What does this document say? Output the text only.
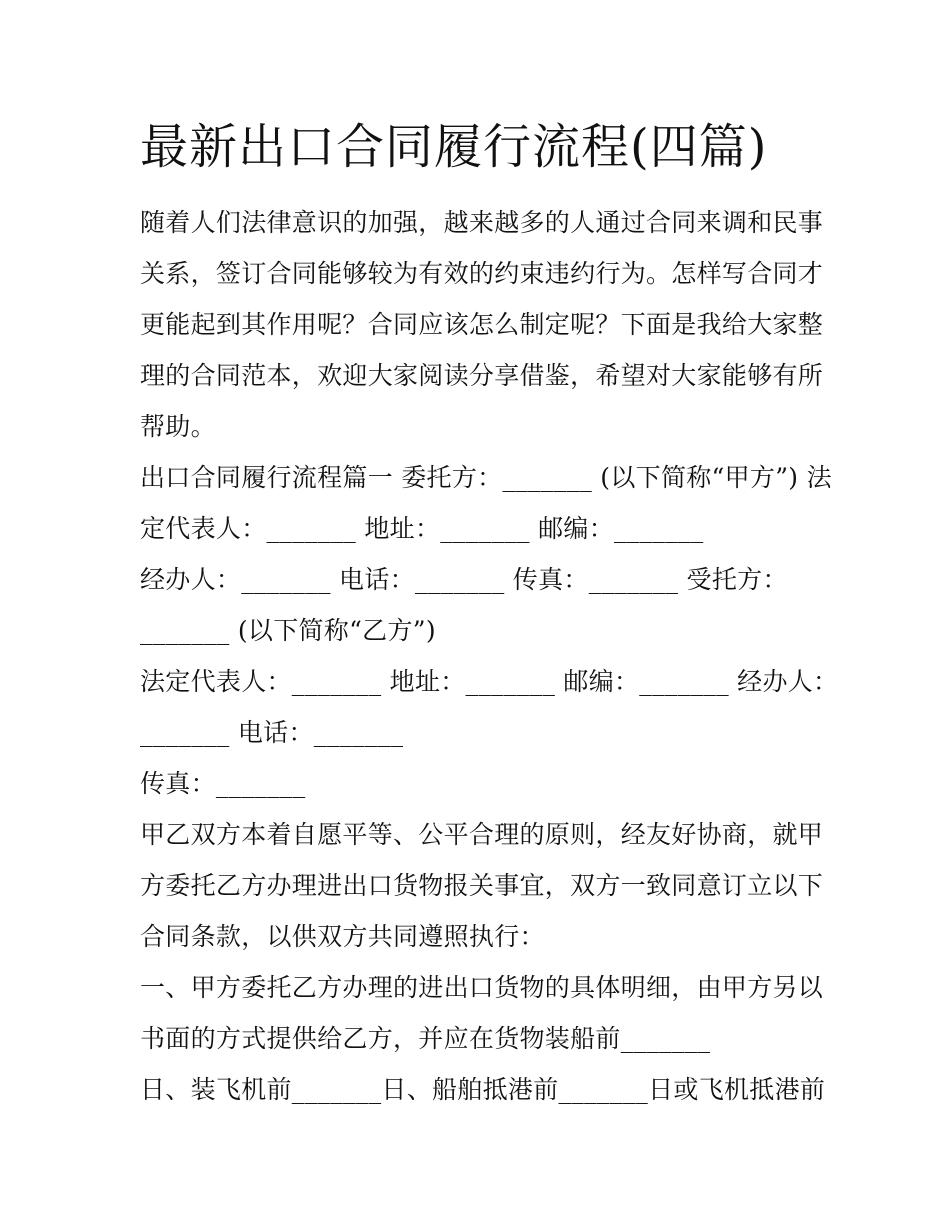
最新出口合同履行流程(四篇)
随着人们法律意识的加强，越来越多的人通过合同来调和民事
关系，签订合同能够较为有效的约束违约行为。怎样写合同才
更能起到其作用呢？合同应该怎么制定呢？下面是我给大家整
理的合同范本，欢迎大家阅读分享借鉴，希望对大家能够有所
帮助。
出口合同履行流程篇一 委托方：_______ (以下简称“甲方”) 法
定代表人：_______ 地址：_______ 邮编：_______
经办人：_______ 电话：_______ 传真：_______ 受托方：
_______ (以下简称“乙方”)
法定代表人：_______ 地址：_______ 邮编：_______ 经办人：
_______ 电话：_______
传真：_______
甲乙双方本着自愿平等、公平合理的原则，经友好协商，就甲
方委托乙方办理进出口货物报关事宜，双方一致同意订立以下
合同条款，以供双方共同遵照执行：
一、甲方委托乙方办理的进出口货物的具体明细，由甲方另以
书面的方式提供给乙方，并应在货物装船前_______
日、装飞机前_______日、船舶抵港前_______日或飞机抵港前
